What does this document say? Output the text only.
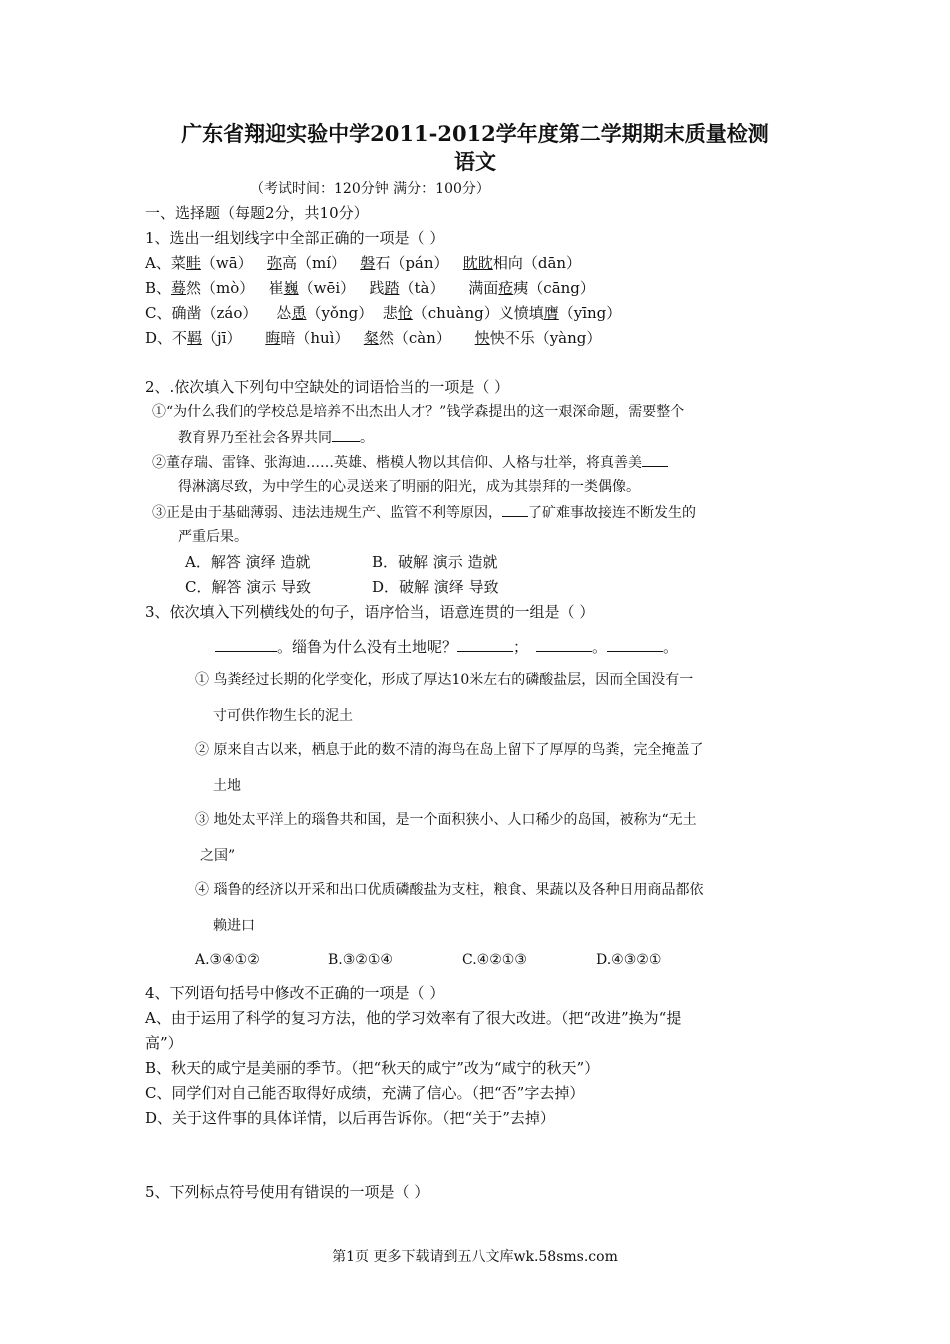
广东省翔迎实验中学2011-2012学年度第二学期期末质量检测
语文
（考试时间：120分钟 满分：100分）
一、选择题（每题2分，共10分）
1、选出一组划线字中全部正确的一项是（ ）
A、菜畦（wā）   弥高（mí）   磐石（pán）   眈眈相向（dān）
B、蓦然（mò）   崔巍（wēi）   践踏（tà）     满面疮痍（cāng）
C、确凿（záo）    怂恿（yǒng）  悲怆（chuàng）义愤填膺（yīng）
D、不羁（jī）     晦暗（huì）   粲然（càn）     怏怏不乐（yàng）
2、.依次填入下列句中空缺处的词语恰当的一项是（ ）
①“为什么我们的学校总是培养不出杰出人才？”钱学森提出的这一艰深命题，需要整个
教育界乃至社会各界共同 。
②董存瑞、雷锋、张海迪……英雄、楷模人物以其信仰、人格与壮举，将真善美
得淋漓尽致，为中学生的心灵送来了明丽的阳光，成为其崇拜的一类偶像。
③正是由于基础薄弱、违法违规生产、监管不利等原因， 了矿难事故接连不断发生的
严重后果。
A．解答 演绎 造就	B．破解 演示 造就
C．解答 演示 导致	D．破解 演绎 导致
3、依次填入下列横线处的句子，语序恰当，语意连贯的一组是（ ）
。缁鲁为什么没有土地呢？	；	。	。
① 鸟粪经过长期的化学变化，形成了厚达10米左右的磷酸盐层，因而全国没有一
寸可供作物生长的泥土
② 原来自古以来，栖息于此的数不清的海鸟在岛上留下了厚厚的鸟粪，完全掩盖了
土地
③ 地处太平洋上的瑙鲁共和国，是一个面积狭小、人口稀少的岛国，被称为“无土
之国”
④ 瑙鲁的经济以开采和出口优质磷酸盐为支柱，粮食、果蔬以及各种日用商品都依
赖进口
A.③④①②	B.③②①④	C.④②①③	D.④③②①
4、下列语句括号中修改不正确的一项是（ ）
A、由于运用了科学的复习方法，他的学习效率有了很大改进。（把“改进”换为“提
高”）
B、秋天的咸宁是美丽的季节。（把“秋天的咸宁”改为“咸宁的秋天”）
C、同学们对自己能否取得好成绩，充满了信心。（把“否”字去掉）
D、关于这件事的具体详情，以后再告诉你。（把“关于”去掉）
5、下列标点符号使用有错误的一项是（ ）
第1页 更多下载请到五八文库wk.58sms.com
